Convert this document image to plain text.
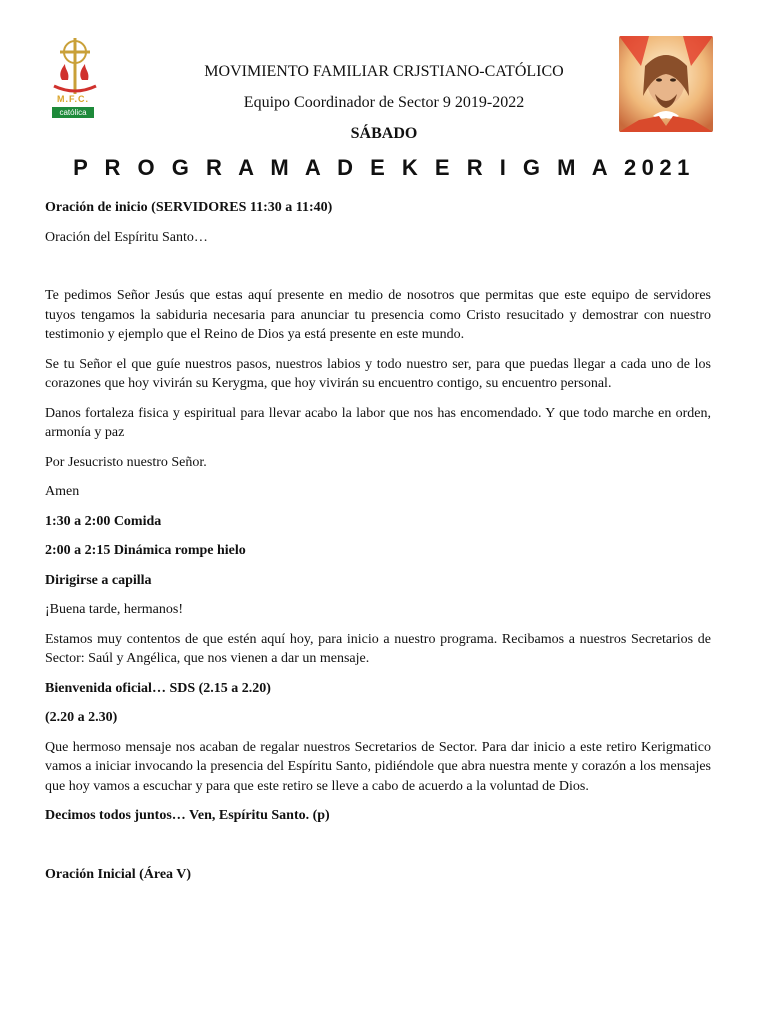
M.F.C.
católica
MOVIMIENTO FAMILIAR CRJSTIANO-CATÓLICO
Equipo Coordinador de Sector 9 2019-2022
SÁBADO
P R O G R A M A D E K E R I G M A 2021

Oración de inicio (SERVIDORES 11:30 a 11:40)

Oración del Espíritu Santo…

Te pedimos Señor Jesús que estas aquí presente en medio de nosotros que permitas que este equipo de servidores tuyos tengamos la sabiduria necesaria para anunciar tu presencia como Cristo resucitado y demostrar con nuestro testimonio y ejemplo que el Reino de Dios ya está presente en este mundo.

Se tu Señor el que guíe nuestros pasos, nuestros labios y todo nuestro ser, para que puedas llegar a cada uno de los corazones que hoy vivirán su Kerygma, que hoy vivirán su encuentro contigo, su encuentro personal.

Danos fortaleza fisica y espiritual para llevar acabo la labor que nos has encomendado. Y que todo marche en orden, armonía y paz

Por Jesucristo nuestro Señor.

Amen

1:30 a 2:00 Comida

2:00 a 2:15 Dinámica rompe hielo

Dirigirse a capilla

¡Buena tarde, hermanos!

Estamos muy contentos de que estén aquí hoy, para inicio a nuestro programa. Recibamos a nuestros Secretarios de Sector: Saúl y Angélica, que nos vienen a dar un mensaje.

Bienvenida oficial… SDS (2.15 a 2.20)

(2.20 a 2.30)

Que hermoso mensaje nos acaban de regalar nuestros Secretarios de Sector. Para dar inicio a este retiro Kerigmatico vamos a iniciar invocando la presencia del Espíritu Santo, pidiéndole que abra nuestra mente y corazón a los mensajes que hoy vamos a escuchar y para que este retiro se lleve a cabo de acuerdo a la voluntad de Dios.

Decimos todos juntos… Ven, Espíritu Santo. (p)

Oración Inicial (Área V)
